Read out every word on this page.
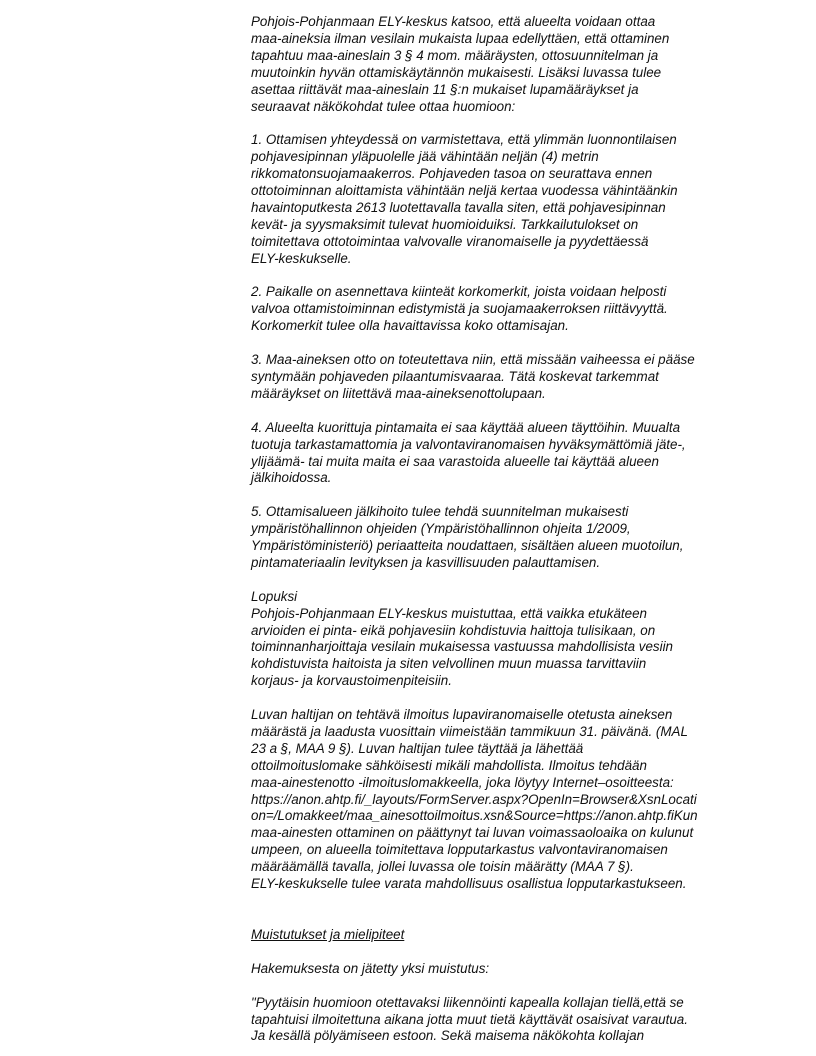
Pohjois-Pohjanmaan ELY-keskus katsoo, että alueelta voidaan ottaa
maa-aineksia ilman vesilain mukaista lupaa edellyttäen, että ottaminen
tapahtuu maa-aineslain 3 § 4 mom. määräysten, ottosuunnitelman ja
muutoinkin hyvän ottamiskäytännön mukaisesti. Lisäksi luvassa tulee
asettaa riittävät maa-aineslain 11 §:n mukaiset lupamääräykset ja
seuraavat näkökohdat tulee ottaa huomioon:

1. Ottamisen yhteydessä on varmistettava, että ylimmän luonnontilaisen
pohjavesipinnan yläpuolelle jää vähintään neljän (4) metrin
rikkomatonsuojamaakerros. Pohjaveden tasoa on seurattava ennen
ottotoiminnan aloittamista vähintään neljä kertaa vuodessa vähintäänkin
havaintoputkesta 2613 luotettavalla tavalla siten, että pohjavesipinnan
kevät- ja syysmaksimit tulevat huomioiduiksi. Tarkkailutulokset on
toimitettava ottotoimintaa valvovalle viranomaiselle ja pyydettäessä
ELY-keskukselle.

2. Paikalle on asennettava kiinteät korkomerkit, joista voidaan helposti
valvoa ottamistoiminnan edistymistä ja suojamaakerroksen riittävyyttä.
Korkomerkit tulee olla havaittavissa koko ottamisajan.

3. Maa-aineksen otto on toteutettava niin, että missään vaiheessa ei pääse
syntymään pohjaveden pilaantumisvaaraa. Tätä koskevat tarkemmat
määräykset on liitettävä maa-aineksenottolupaan.

4. Alueelta kuorittuja pintamaita ei saa käyttää alueen täyttöihin. Muualta
tuotuja tarkastamattomia ja valvontaviranomaisen hyväksymättömiä jäte-,
ylijäämä- tai muita maita ei saa varastoida alueelle tai käyttää alueen
jälkihoidossa.

5. Ottamisalueen jälkihoito tulee tehdä suunnitelman mukaisesti
ympäristöhallinnon ohjeiden (Ympäristöhallinnon ohjeita 1/2009,
Ympäristöministeriö) periaatteita noudattaen, sisältäen alueen muotoilun,
pintamateriaalin levityksen ja kasvillisuuden palauttamisen.

Lopuksi

Pohjois-Pohjanmaan ELY-keskus muistuttaa, että vaikka etukäteen
arvioiden ei pinta- eikä pohjavesiin kohdistuvia haittoja tulisikaan, on
toiminnanharjoittaja vesilain mukaisessa vastuussa mahdollisista vesiin
kohdistuvista haitoista ja siten velvollinen muun muassa tarvittaviin
korjaus- ja korvaustoimenpiteisiin.

Luvan haltijan on tehtävä ilmoitus lupaviranomaiselle otetusta aineksen
määrästä ja laadusta vuosittain viimeistään tammikuun 31. päivänä. (MAL
23 a §, MAA 9 §). Luvan haltijan tulee täyttää ja lähettää
ottoilmoituslomake sähköisesti mikäli mahdollista. Ilmoitus tehdään
maa-ainestenotto -ilmoituslomakkeella, joka löytyy Internet–osoitteesta:
https://anon.ahtp.fi/_layouts/FormServer.aspx?OpenIn=Browser&XsnLocati
on=/Lomakkeet/maa_ainesottoilmoitus.xsn&Source=https://anon.ahtp.fiKun
maa-ainesten ottaminen on päättynyt tai luvan voimassaoloaika on kulunut
umpeen, on alueella toimitettava lopputarkastus valvontaviranomaisen
määräämällä tavalla, jollei luvassa ole toisin määrätty (MAA 7 §).
ELY-keskukselle tulee varata mahdollisuus osallistua lopputarkastukseen.

Muistutukset ja mielipiteet

Hakemuksesta on jätetty yksi muistutus:

"Pyytäisin huomioon otettavaksi liikennöinti kapealla kollajan tiellä,että se
tapahtuisi ilmoitettuna aikana jotta muut tietä käyttävät osaisivat varautua.
Ja kesällä pölyämiseen estoon. Sekä maisema näkökohta kollajan
